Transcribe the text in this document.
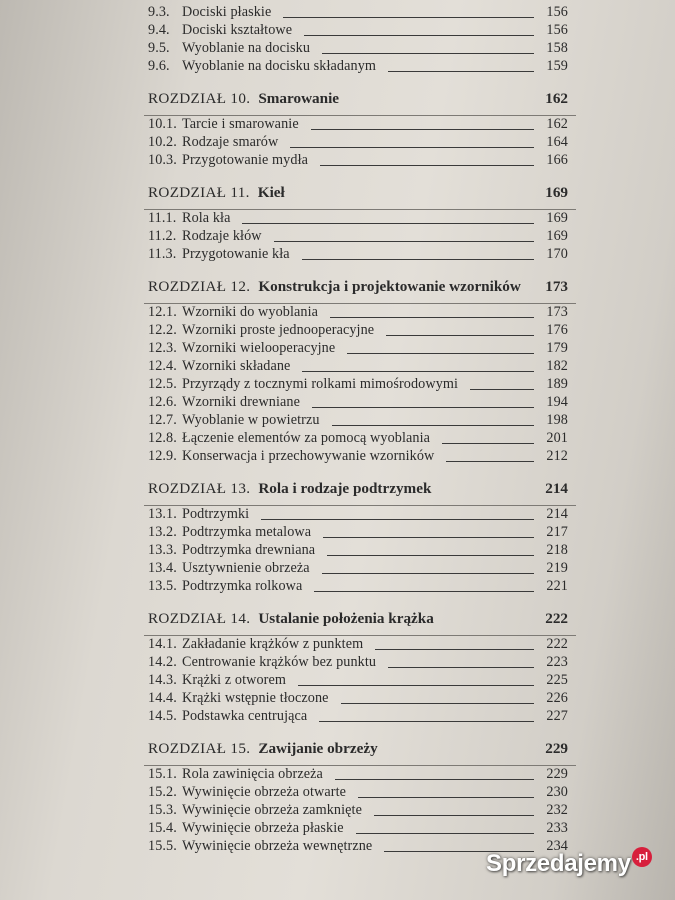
9.3. Dociski płaskie	156
9.4. Dociski kształtowe	156
9.5. Wyoblanie na docisku	158
9.6. Wyoblanie na docisku składanym	159
ROZDZIAŁ 10. Smarowanie	162
10.1. Tarcie i smarowanie	162
10.2. Rodzaje smarów	164
10.3. Przygotowanie mydła	166
ROZDZIAŁ 11. Kieł	169
11.1. Rola kła	169
11.2. Rodzaje kłów	169
11.3. Przygotowanie kła	170
ROZDZIAŁ 12. Konstrukcja i projektowanie wzorników	173
12.1. Wzorniki do wyoblania	173
12.2. Wzorniki proste jednooperacyjne	176
12.3. Wzorniki wielooperacyjne	179
12.4. Wzorniki składane	182
12.5. Przyrządy z tocznymi rolkami mimośrodowymi	189
12.6. Wzorniki drewniane	194
12.7. Wyoblanie w powietrzu	198
12.8. Łączenie elementów za pomocą wyoblania	201
12.9. Konserwacja i przechowywanie wzorników	212
ROZDZIAŁ 13. Rola i rodzaje podtrzymek	214
13.1. Podtrzymki	214
13.2. Podtrzymka metalowa	217
13.3. Podtrzymka drewniana	218
13.4. Usztywnienie obrzeża	219
13.5. Podtrzymka rolkowa	221
ROZDZIAŁ 14. Ustalanie położenia krążka	222
14.1. Zakładanie krążków z punktem	222
14.2. Centrowanie krążków bez punktu	223
14.3. Krążki z otworem	225
14.4. Krążki wstępnie tłoczone	226
14.5. Podstawka centrująca	227
ROZDZIAŁ 15. Zawijanie obrzeży	229
15.1. Rola zawinięcia obrzeża	229
15.2. Wywinięcie obrzeża otwarte	230
15.3. Wywinięcie obrzeża zamknięte	232
15.4. Wywinięcie obrzeża płaskie	233
15.5. Wywinięcie obrzeża wewnętrzne	234
Sprzedajemy .pl
